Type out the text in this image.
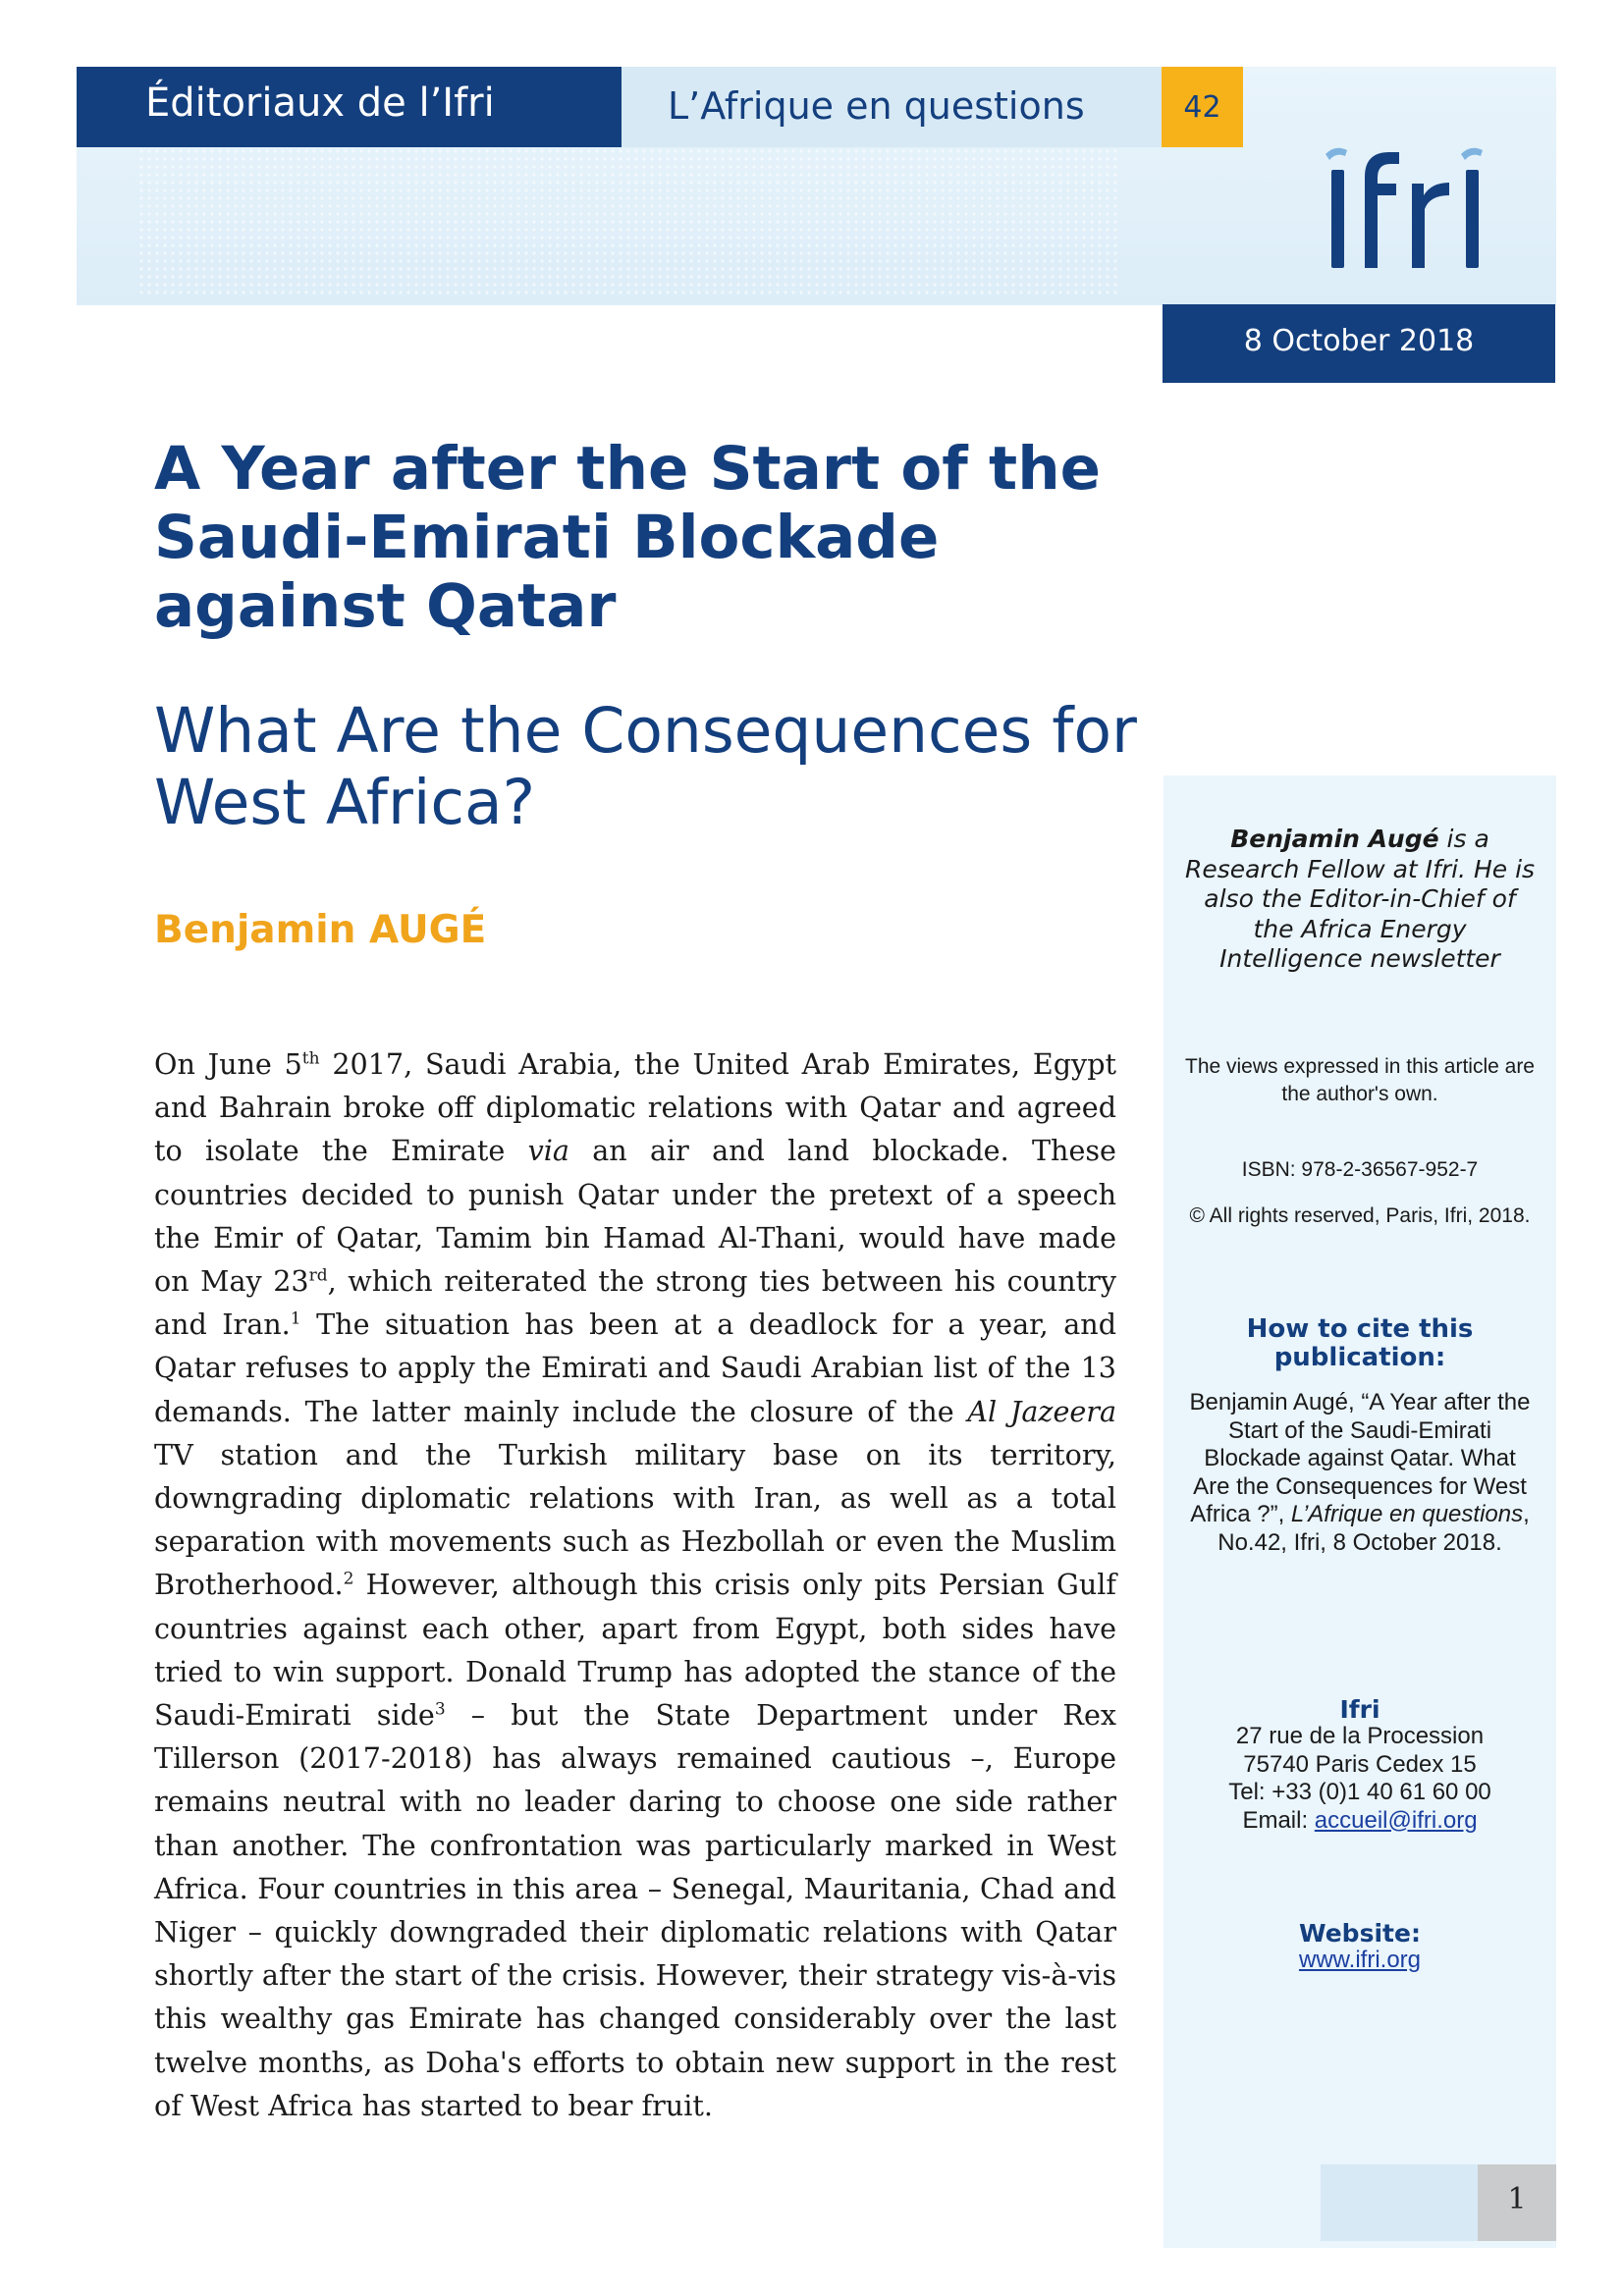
Éditoriaux de l’Ifri	L’Afrique en questions	42
8 October 2018
A Year after the Start of the Saudi-Emirati Blockade against Qatar
What Are the Consequences for West Africa?
Benjamin AUGÉ
On June 5th 2017, Saudi Arabia, the United Arab Emirates, Egypt and Bahrain broke off diplomatic relations with Qatar and agreed to isolate the Emirate via an air and land blockade. These countries decided to punish Qatar under the pretext of a speech the Emir of Qatar, Tamim bin Hamad Al-Thani, would have made on May 23rd, which reiterated the strong ties between his country and Iran.$^1$ The situation has been at a deadlock for a year, and Qatar refuses to apply the Emirati and Saudi Arabian list of the 13 demands. The latter mainly include the closure of the Al Jazeera TV station and the Turkish military base on its territory, downgrading diplomatic relations with Iran, as well as a total separation with movements such as Hezbollah or even the Muslim Brotherhood.$^2$ However, although this crisis only pits Persian Gulf countries against each other, apart from Egypt, both sides have tried to win support. Donald Trump has adopted the stance of the Saudi-Emirati side$^3$ – but the State Department under Rex Tillerson (2017-2018) has always remained cautious –, Europe remains neutral with no leader daring to choose one side rather than another. The confrontation was particularly marked in West Africa. Four countries in this area – Senegal, Mauritania, Chad and Niger – quickly downgraded their diplomatic relations with Qatar shortly after the start of the crisis. However, their strategy vis-à-vis this wealthy gas Emirate has changed considerably over the last twelve months, as Doha's efforts to obtain new support in the rest of West Africa has started to bear fruit.
Benjamin Augé is a Research Fellow at Ifri. He is also the Editor-in-Chief of the Africa Energy Intelligence newsletter
The views expressed in this article are the author's own.
ISBN: 978-2-36567-952-7
© All rights reserved, Paris, Ifri, 2018.
How to cite this publication:
Benjamin Augé, “A Year after the Start of the Saudi-Emirati Blockade against Qatar. What Are the Consequences for West Africa ?”, L’Afrique en questions, No.42, Ifri, 8 October 2018.
Ifri
27 rue de la Procession
75740 Paris Cedex 15
Tel: +33 (0)1 40 61 60 00
Email: accueil@ifri.org
Website:
www.ifri.org
1
